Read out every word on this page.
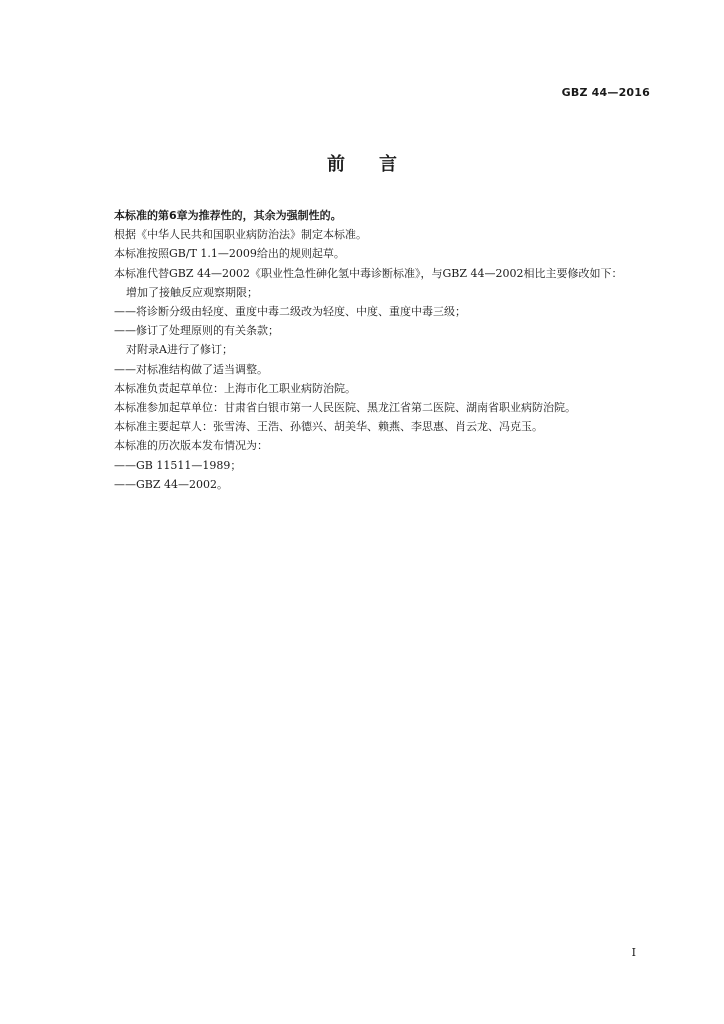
GBZ 44—2016
前言

本标准的第6章为推荐性的，其余为强制性的。

根据《中华人民共和国职业病防治法》制定本标准。

本标准按照GB/T 1.1—2009给出的规则起草。

本标准代替GBZ 44—2002《职业性急性砷化氢中毒诊断标准》，与GBZ 44—2002相比主要修改如下：

增加了接触反应观察期限；

——将诊断分级由轻度、重度中毒二级改为轻度、中度、重度中毒三级；

——修订了处理原则的有关条款；

对附录A进行了修订；

——对标准结构做了适当调整。

本标准负责起草单位：上海市化工职业病防治院。

本标准参加起草单位：甘肃省白银市第一人民医院、黑龙江省第二医院、湖南省职业病防治院。

本标准主要起草人：张雪涛、王浩、孙德兴、胡美华、赖燕、李思惠、肖云龙、冯克玉。

本标准的历次版本发布情况为：

——GB 11511—1989；

——GBZ 44—2002。

I
